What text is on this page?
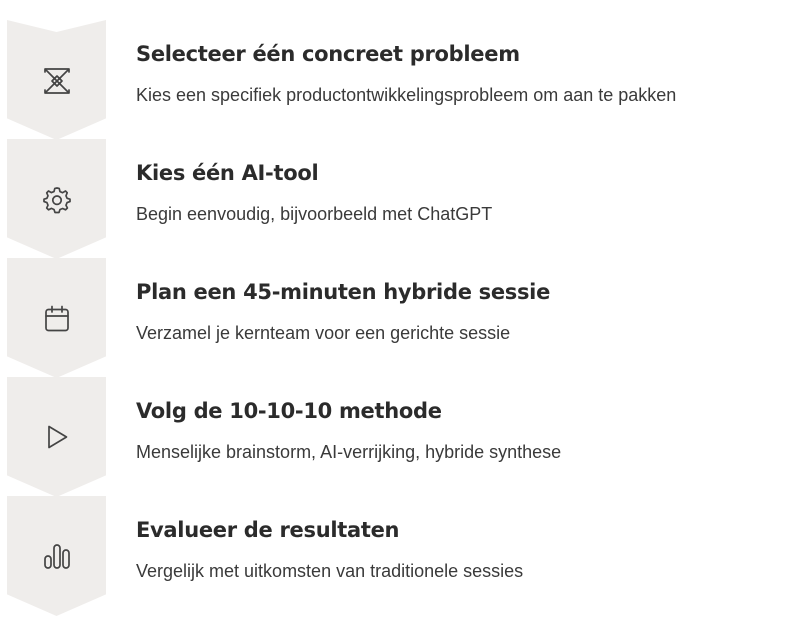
Selecteer één concreet probleem
Kies een specifiek productontwikkelingsprobleem om aan te pakken
Kies één AI-tool
Begin eenvoudig, bijvoorbeeld met ChatGPT
Plan een 45-minuten hybride sessie
Verzamel je kernteam voor een gerichte sessie
Volg de 10-10-10 methode
Menselijke brainstorm, AI-verrijking, hybride synthese
Evalueer de resultaten
Vergelijk met uitkomsten van traditionele sessies
